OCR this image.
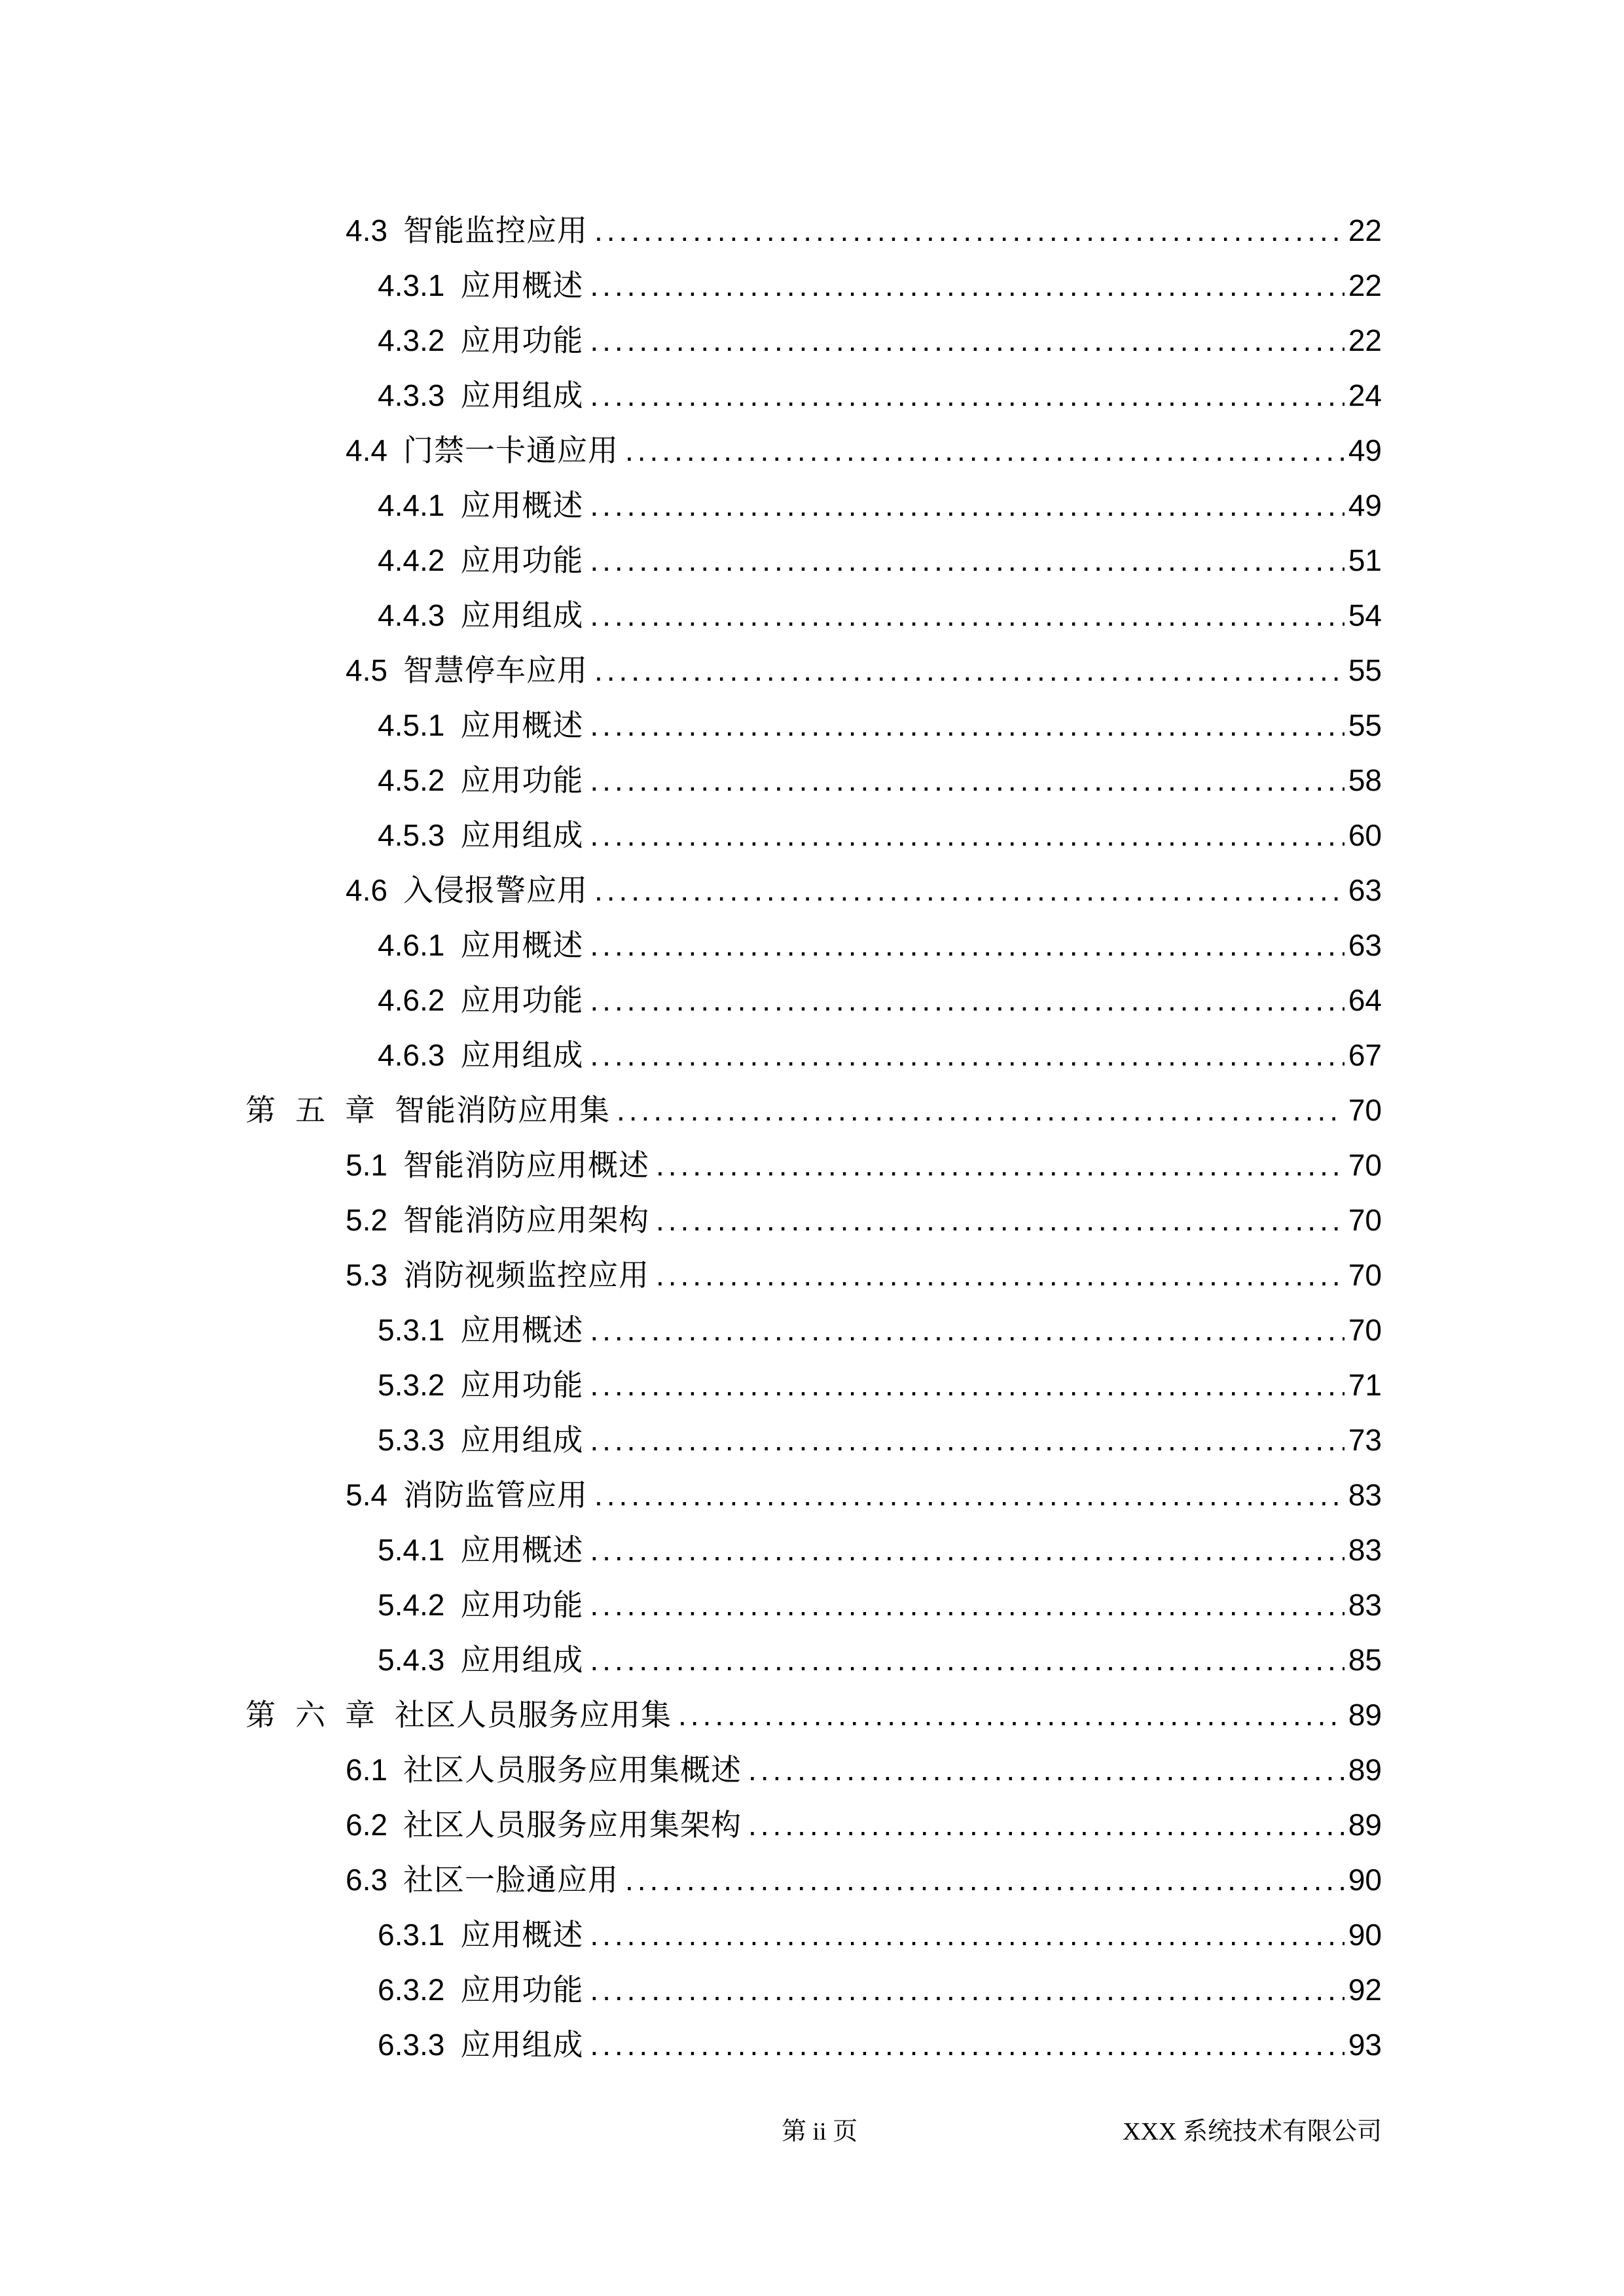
4.3 智能监控应用 .....	22
4.3.1 应用概述 .....	22
4.3.2 应用功能 .....	22
4.3.3 应用组成 .....	24
4.4 门禁一卡通应用 .....	49
4.4.1 应用概述 .....	49
4.4.2 应用功能 .....	51
4.4.3 应用组成 .....	54
4.5 智慧停车应用 .....	55
4.5.1 应用概述 .....	55
4.5.2 应用功能 .....	58
4.5.3 应用组成 .....	60
4.6 入侵报警应用 .....	63
4.6.1 应用概述 .....	63
4.6.2 应用功能 .....	64
4.6.3 应用组成 .....	67
第五章 智能消防应用集 .....	70
5.1 智能消防应用概述 .....	70
5.2 智能消防应用架构 .....	70
5.3 消防视频监控应用 .....	70
5.3.1 应用概述 .....	70
5.3.2 应用功能 .....	71
5.3.3 应用组成 .....	73
5.4 消防监管应用 .....	83
5.4.1 应用概述 .....	83
5.4.2 应用功能 .....	83
5.4.3 应用组成 .....	85
第六章 社区人员服务应用集 .....	89
6.1 社区人员服务应用集概述 .....	89
6.2 社区人员服务应用集架构 .....	89
6.3 社区一脸通应用 .....	90
6.3.1 应用概述 .....	90
6.3.2 应用功能 .....	92
6.3.3 应用组成 .....	93
第 ii 页	XXX 系统技术有限公司
